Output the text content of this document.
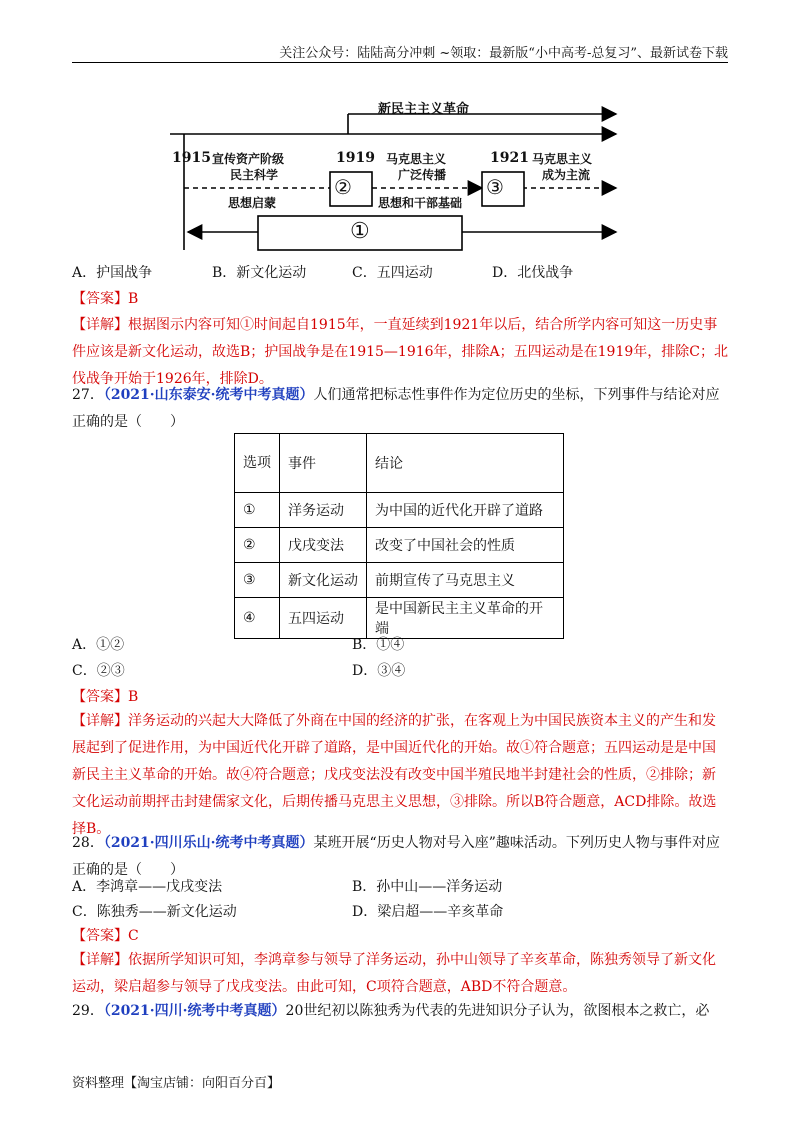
关注公众号：陆陆高分冲刺 ~领取：最新版“小中高考-总复习”、最新试卷下载
新民主主义革命
1915	1919	1921
宣传资产阶级
民主科学
马克思主义
广泛传播
马克思主义
成为主流
②	③
思想启蒙	思想和干部基础
①
A．护国战争	B．新文化运动	C．五四运动	D．北伐战争
【答案】B
【详解】根据图示内容可知①时间起自1915年，一直延续到1921年以后，结合所学内容可知这一历史事件应该是新文化运动，故选B；护国战争是在1915—1916年，排除A；五四运动是在1919年，排除C；北伐战争开始于1926年，排除D。
27．（2021·山东泰安·统考中考真题）人们通常把标志性事件作为定位历史的坐标，下列事件与结论对应正确的是（　　）
选项	事件	结论
①	洋务运动	为中国的近代化开辟了道路
②	戊戌变法	改变了中国社会的性质
③	新文化运动	前期宣传了马克思主义
④	五四运动	是中国新民主主义革命的开端
A．①②	B．①④
C．②③	D．③④
【答案】B
【详解】洋务运动的兴起大大降低了外商在中国的经济的扩张，在客观上为中国民族资本主义的产生和发展起到了促进作用，为中国近代化开辟了道路，是中国近代化的开始。故①符合题意；五四运动是是中国新民主主义革命的开始。故④符合题意；戊戌变法没有改变中国半殖民地半封建社会的性质，②排除；新文化运动前期抨击封建儒家文化，后期传播马克思主义思想，③排除。所以B符合题意，ACD排除。故选择B。
28．（2021·四川乐山·统考中考真题）某班开展“历史人物对号入座”趣味活动。下列历史人物与事件对应正确的是（　　）
A．李鸿章——戊戌变法	B．孙中山——洋务运动
C．陈独秀——新文化运动	D．梁启超——辛亥革命
【答案】C
【详解】依据所学知识可知，李鸿章参与领导了洋务运动，孙中山领导了辛亥革命，陈独秀领导了新文化运动，梁启超参与领导了戊戌变法。由此可知，C项符合题意，ABD不符合题意。
29．（2021·四川·统考中考真题）20世纪初以陈独秀为代表的先进知识分子认为，欲图根本之救亡，必
资料整理【淘宝店铺：向阳百分百】
